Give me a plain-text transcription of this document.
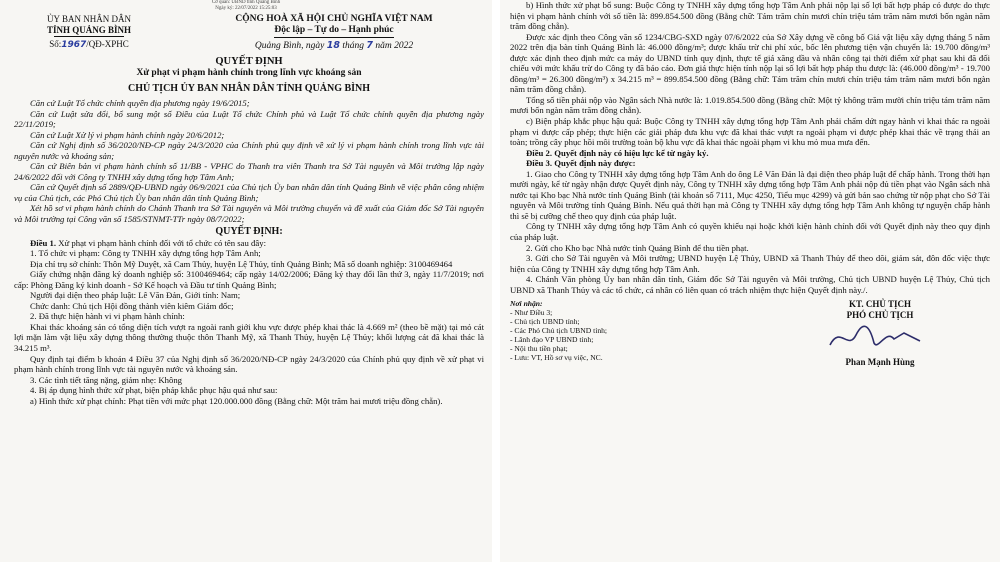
Cơ quan: UBND tỉnh Quảng Bình
Ngày ký: 22/07/2022 15:25:03
ỦY BAN NHÂN DÂN
TỈNH QUẢNG BÌNH
Số:1967/QĐ-XPHC
CỘNG HOÀ XÃ HỘI CHỦ NGHĨA VIỆT NAM
Độc lập – Tự do – Hạnh phúc
Quảng Bình, ngày 18 tháng 7 năm 2022
QUYẾT ĐỊNH
Xử phạt vi phạm hành chính trong lĩnh vực khoáng sản
CHỦ TỊCH ỦY BAN NHÂN DÂN TỈNH QUẢNG BÌNH

Căn cứ Luật Tổ chức chính quyền địa phương ngày 19/6/2015;

Căn cứ Luật sửa đổi, bổ sung một số Điều của Luật Tổ chức Chính phủ và Luật Tổ chức chính quyền địa phương ngày 22/11/2019;

Căn cứ Luật Xử lý vi phạm hành chính ngày 20/6/2012;

Căn cứ Nghị định số 36/2020/NĐ-CP ngày 24/3/2020 của Chính phủ quy định về xử lý vi phạm hành chính trong lĩnh vực tài nguyên nước và khoáng sản;

Căn cứ Biên bản vi phạm hành chính số 11/BB - VPHC do Thanh tra viên Thanh tra Sở Tài nguyên và Môi trường lập ngày 24/6/2022 đối với Công ty TNHH xây dựng tổng hợp Tâm Anh;

Căn cứ Quyết định số 2889/QĐ-UBND ngày 06/9/2021 của Chủ tịch Ủy ban nhân dân tỉnh Quảng Bình về việc phân công nhiệm vụ của Chủ tịch, các Phó Chủ tịch Ủy ban nhân dân tỉnh Quảng Bình;

Xét hồ sơ vi phạm hành chính do Chánh Thanh tra Sở Tài nguyên và Môi trường chuyển và đề xuất của Giám đốc Sở Tài nguyên và Môi trường tại Công văn số 1585/STNMT-TTr ngày 08/7/2022;

QUYẾT ĐỊNH:

Điều 1. Xử phạt vi phạm hành chính đối với tổ chức có tên sau đây:

1. Tổ chức vi phạm: Công ty TNHH xây dựng tổng hợp Tâm Anh;

Địa chỉ trụ sở chính: Thôn Mỹ Duyệt, xã Cam Thủy, huyện Lệ Thủy, tỉnh Quảng Bình; Mã số doanh nghiệp: 3100469464

Giấy chứng nhận đăng ký doanh nghiệp số: 3100469464; cấp ngày 14/02/2006; Đăng ký thay đổi lần thứ 3, ngày 11/7/2019; nơi cấp: Phòng Đăng ký kinh doanh - Sở Kế hoạch và Đầu tư tỉnh Quảng Bình;

Người đại diện theo pháp luật: Lê Văn Đản, Giới tính: Nam;

Chức danh: Chủ tịch Hội đồng thành viên kiêm Giám đốc;

2. Đã thực hiện hành vi vi phạm hành chính:

Khai thác khoáng sản có tổng diện tích vượt ra ngoài ranh giới khu vực được phép khai thác là 4.669 m² (theo bề mặt) tại mỏ cát lợi mặn làm vật liệu xây dựng thông thường thuộc thôn Thanh Mỹ, xã Thanh Thủy, huyện Lệ Thủy; khối lượng cát đã khai thác là 34.215 m³.

Quy định tại điểm b khoản 4 Điều 37 của Nghị định số 36/2020/NĐ-CP ngày 24/3/2020 của Chính phủ quy định về xử phạt vi phạm hành chính trong lĩnh vực tài nguyên nước và khoáng sản.

3. Các tình tiết tăng nặng, giảm nhẹ: Không

4. Bị áp dụng hình thức xử phạt, biện pháp khắc phục hậu quả như sau:

a) Hình thức xử phạt chính: Phạt tiền với mức phạt 120.000.000 đồng (Bằng chữ: Một trăm hai mươi triệu đồng chẵn).

b) Hình thức xử phạt bổ sung: Buộc Công ty TNHH xây dựng tổng hợp Tâm Anh phải nộp lại số lợi bất hợp pháp có được do thực hiện vi phạm hành chính với số tiền là: 899.854.500 đồng (Bằng chữ: Tám trăm chín mươi chín triệu tám trăm năm mươi bốn ngàn năm trăm đồng chẵn).

Được xác định theo Công văn số 1234/CBG-SXD ngày 07/6/2022 của Sở Xây dựng về công bố Giá vật liệu xây dựng tháng 5 năm 2022 trên địa bàn tỉnh Quảng Bình là: 46.000 đồng/m³; được khấu trừ chi phí xúc, bốc lên phương tiện vận chuyển là: 19.700 đồng/m³ được xác định theo định mức ca máy do UBND tỉnh quy định, thực tế giá xăng dầu và nhân công tại thời điểm xử phạt sau khi đã đối chiếu với mức khấu trừ do Công ty đã báo cáo. Đơn giá thực hiện tính nộp lại số lợi bất hợp pháp thu được là: (46.000 đồng/m³ - 19.700 đồng/m³ = 26.300 đồng/m³) x 34.215 m³ = 899.854.500 đồng (Bằng chữ: Tám trăm chín mươi chín triệu tám trăm năm mươi bốn ngàn năm trăm đồng chẵn).

Tổng số tiền phải nộp vào Ngân sách Nhà nước là: 1.019.854.500 đồng (Bằng chữ: Một tỷ không trăm mười chín triệu tám trăm năm mươi bốn ngàn năm trăm đồng chẵn).

c) Biện pháp khắc phục hậu quả: Buộc Công ty TNHH xây dựng tổng hợp Tâm Anh phải chấm dứt ngay hành vi khai thác ra ngoài phạm vi được cấp phép; thực hiện các giải pháp đưa khu vực đã khai thác vượt ra ngoài phạm vi được phép khai thác về trạng thái an toàn; trồng cây phục hồi môi trường toàn bộ khu vực đã khai thác ngoài phạm vi khu mỏ mua mưa đến.

Điều 2. Quyết định này có hiệu lực kể từ ngày ký.

Điều 3. Quyết định này được:

1. Giao cho Công ty TNHH xây dựng tổng hợp Tâm Anh do ông Lê Văn Đản là đại diện theo pháp luật để chấp hành. Trong thời hạn mười ngày, kể từ ngày nhận được Quyết định này, Công ty TNHH xây dựng tổng hợp Tâm Anh phải nộp đủ tiền phạt vào Ngân sách nhà nước tại Kho bạc Nhà nước tỉnh Quảng Bình (tài khoản số 7111, Mục 4250, Tiểu mục 4299) và gửi bản sao chứng từ nộp phạt cho Sở Tài nguyên và Môi trường tỉnh Quảng Bình. Nếu quá thời hạn mà Công ty TNHH xây dựng tổng hợp Tâm Anh không tự nguyện chấp hành thì sẽ bị cưỡng chế theo quy định của pháp luật.

Công ty TNHH xây dựng tổng hợp Tâm Anh có quyền khiếu nại hoặc khởi kiện hành chính đối với Quyết định này theo quy định của pháp luật.

2. Gửi cho Kho bạc Nhà nước tỉnh Quảng Bình để thu tiền phạt.

3. Gửi cho Sở Tài nguyên và Môi trường; UBND huyện Lệ Thủy, UBND xã Thanh Thủy để theo dõi, giám sát, đôn đốc việc thực hiện của Công ty TNHH xây dựng tổng hợp Tâm Anh.

4. Chánh Văn phòng Ủy ban nhân dân tỉnh, Giám đốc Sở Tài nguyên và Môi trường, Chủ tịch UBND huyện Lệ Thủy, Chủ tịch UBND xã Thanh Thủy và các tổ chức, cá nhân có liên quan có trách nhiệm thực hiện Quyết định này./.

Nơi nhận:
- Như Điều 3;
- Chủ tịch UBND tỉnh;
- Các Phó Chủ tịch UBND tỉnh;
- Lãnh đạo VP UBND tỉnh;
- Nội thu tiền phạt;
- Lưu: VT, Hồ sơ vụ việc, NC.
KT. CHỦ TỊCH
PHÓ CHỦ TỊCH
Phan Mạnh Hùng
